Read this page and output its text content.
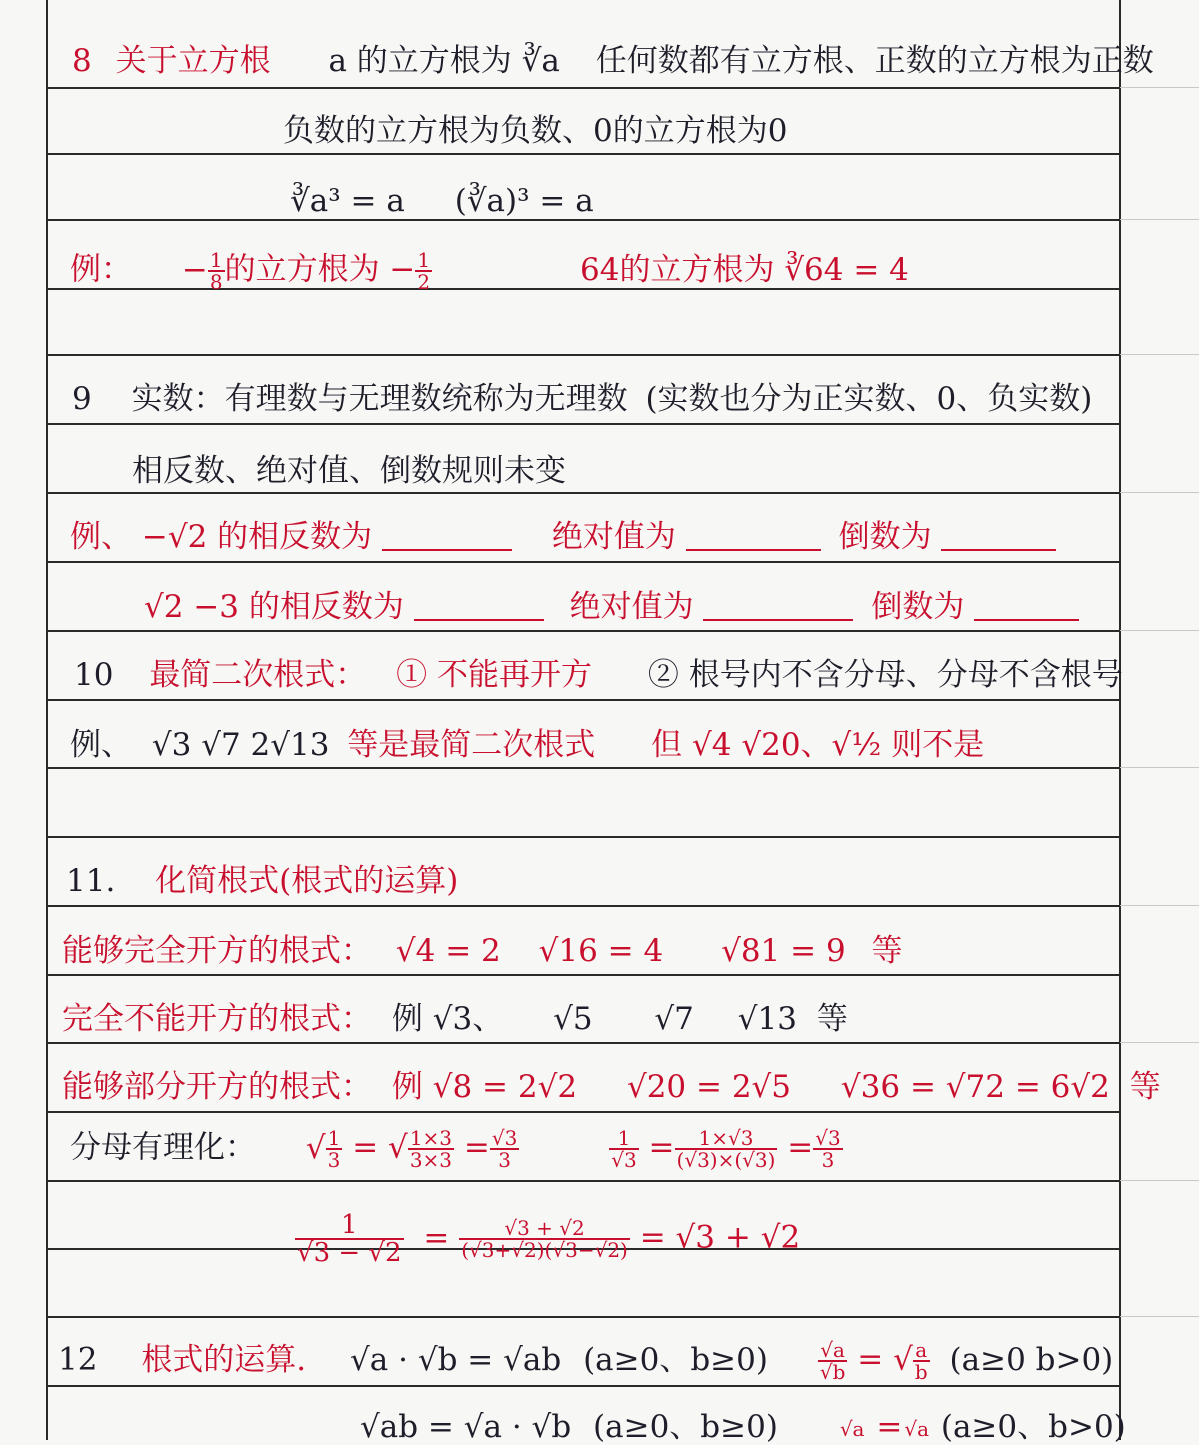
8 关于立方根 a 的立方根为 ∛a 任何数都有立方根、正数的立方根为正数
负数的立方根为负数、0的立方根为0
∛a³ = a (∛a)³ = a
例： − $\frac{1}{8}$ 的立方根为 − $\frac{1}{2}$	64的立方根为 ∛64 = 4
9 实数：有理数与无理数统称为无理数 (实数也分为正实数、0、负实数)
相反数、绝对值、倒数规则未变
例、 −√2 的相反数为	绝对值为	倒数为
√2 −3 的相反数为	绝对值为	倒数为
10 最简二次根式： ① 不能再开方 ② 根号内不含分母、分母不含根号
例、 √3 √7 2√13 等是最简二次根式 但 √4 √20、√½ 则不是
11. 化简根式(根式的运算)
能够完全开方的根式： √4 = 2 √16 = 4 √81 = 9 等
完全不能开方的根式： 例 √3、 √5 √7 √13 等
能够部分开方的根式： 例 √8 = 2√2 √20 = 2√5 √36 = √72 = 6√2 等
分母有理化： √ $\frac{1}{3}$ = √ $\frac{1\times 3}{3\times 3} = \frac{√3}{3}$
	$\frac{1}{√3} = \frac{1\times√3}{(√3)\times(√3)} = \frac{√3}{3}$
$\frac{1}{√3 - √2} = \frac{√3 + √2}{(√3+√2)(√3-√2)} = √3 + √2$
12 根式的运算. √a · √b = √ab (a≥0、$b\ge 0) \frac{√a}{√b}$ = √ $\frac{a}{b} (a\ge 0$ b>0)
√ab = √a · √b (a≥0、b≥0)	√a = √a (a≥0、b>0)
